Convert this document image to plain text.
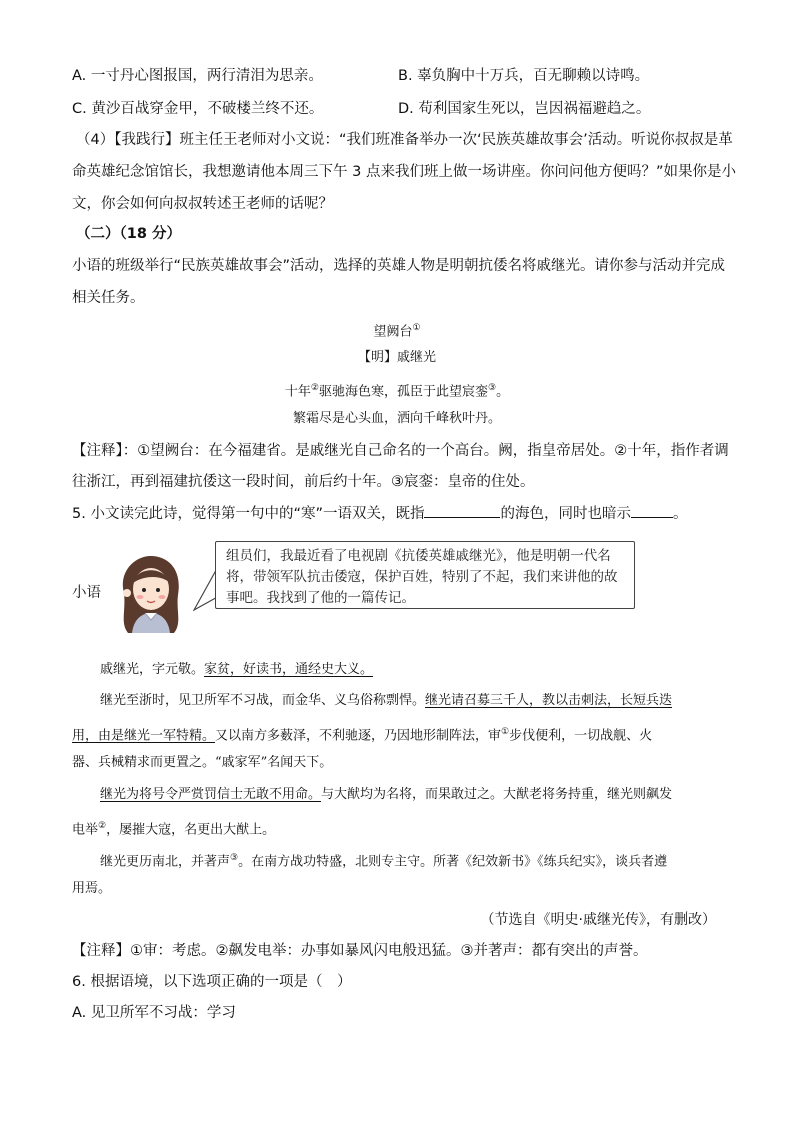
A. 一寸丹心图报国，两行清泪为思亲。	B. 辜负胸中十万兵，百无聊赖以诗鸣。
C. 黄沙百战穿金甲，不破楼兰终不还。	D. 苟利国家生死以，岂因祸福避趋之。
（4）【我践行】班主任王老师对小文说：“我们班准备举办一次‘民族英雄故事会’活动。听说你叔叔是革
命英雄纪念馆馆长，我想邀请他本周三下午 3 点来我们班上做一场讲座。你问问他方便吗？”如果你是小
文，你会如何向叔叔转述王老师的话呢？
（二）（18 分）
小语的班级举行“民族英雄故事会”活动，选择的英雄人物是明朝抗倭名将戚继光。请你参与活动并完成
相关任务。
望阙台①
【明】戚继光
十年②驱驰海色寒，孤臣于此望宸銮③。
繁霜尽是心头血，洒向千峰秋叶丹。
【注释】：①望阙台：在今福建省。是戚继光自己命名的一个高台。阙，指皇帝居处。②十年，指作者调
往浙江，再到福建抗倭这一段时间，前后约十年。③宸銮：皇帝的住处。
5. 小文读完此诗，觉得第一句中的“寒”一语双关，既指	的海色，同时也暗示	。
小语
组员们，我最近看了电视剧《抗倭英雄戚继光》，他是明朝一代名将，带领军队抗击倭寇，保护百姓，特别了不起，我们来讲他的故事吧。我找到了他的一篇传记。
戚继光，字元敬。家贫，好读书，通经史大义。
继光至浙时，见卫所军不习战，而金华、义乌俗称剽悍。继光请召募三千人，教以击刺法，长短兵迭
用，由是继光一军特精。又以南方多薮泽，不利驰逐，乃因地形制阵法，审①步伐便利，一切战舰、火
器、兵械精求而更置之。“戚家军”名闻天下。
继光为将号令严赏罚信士无敢不用命。与大猷均为名将，而果敢过之。大猷老将务持重，继光则飙发
电举②，屡摧大寇，名更出大猷上。
继光更历南北，并著声③。在南方战功特盛，北则专主守。所著《纪效新书》《练兵纪实》，谈兵者遵
用焉。
（节选自《明史·戚继光传》，有删改）
【注释】①审：考虑。②飙发电举：办事如暴风闪电般迅猛。③并著声：都有突出的声誉。
6. 根据语境，以下选项正确的一项是（　）
A. 见卫所军不习战：学习
